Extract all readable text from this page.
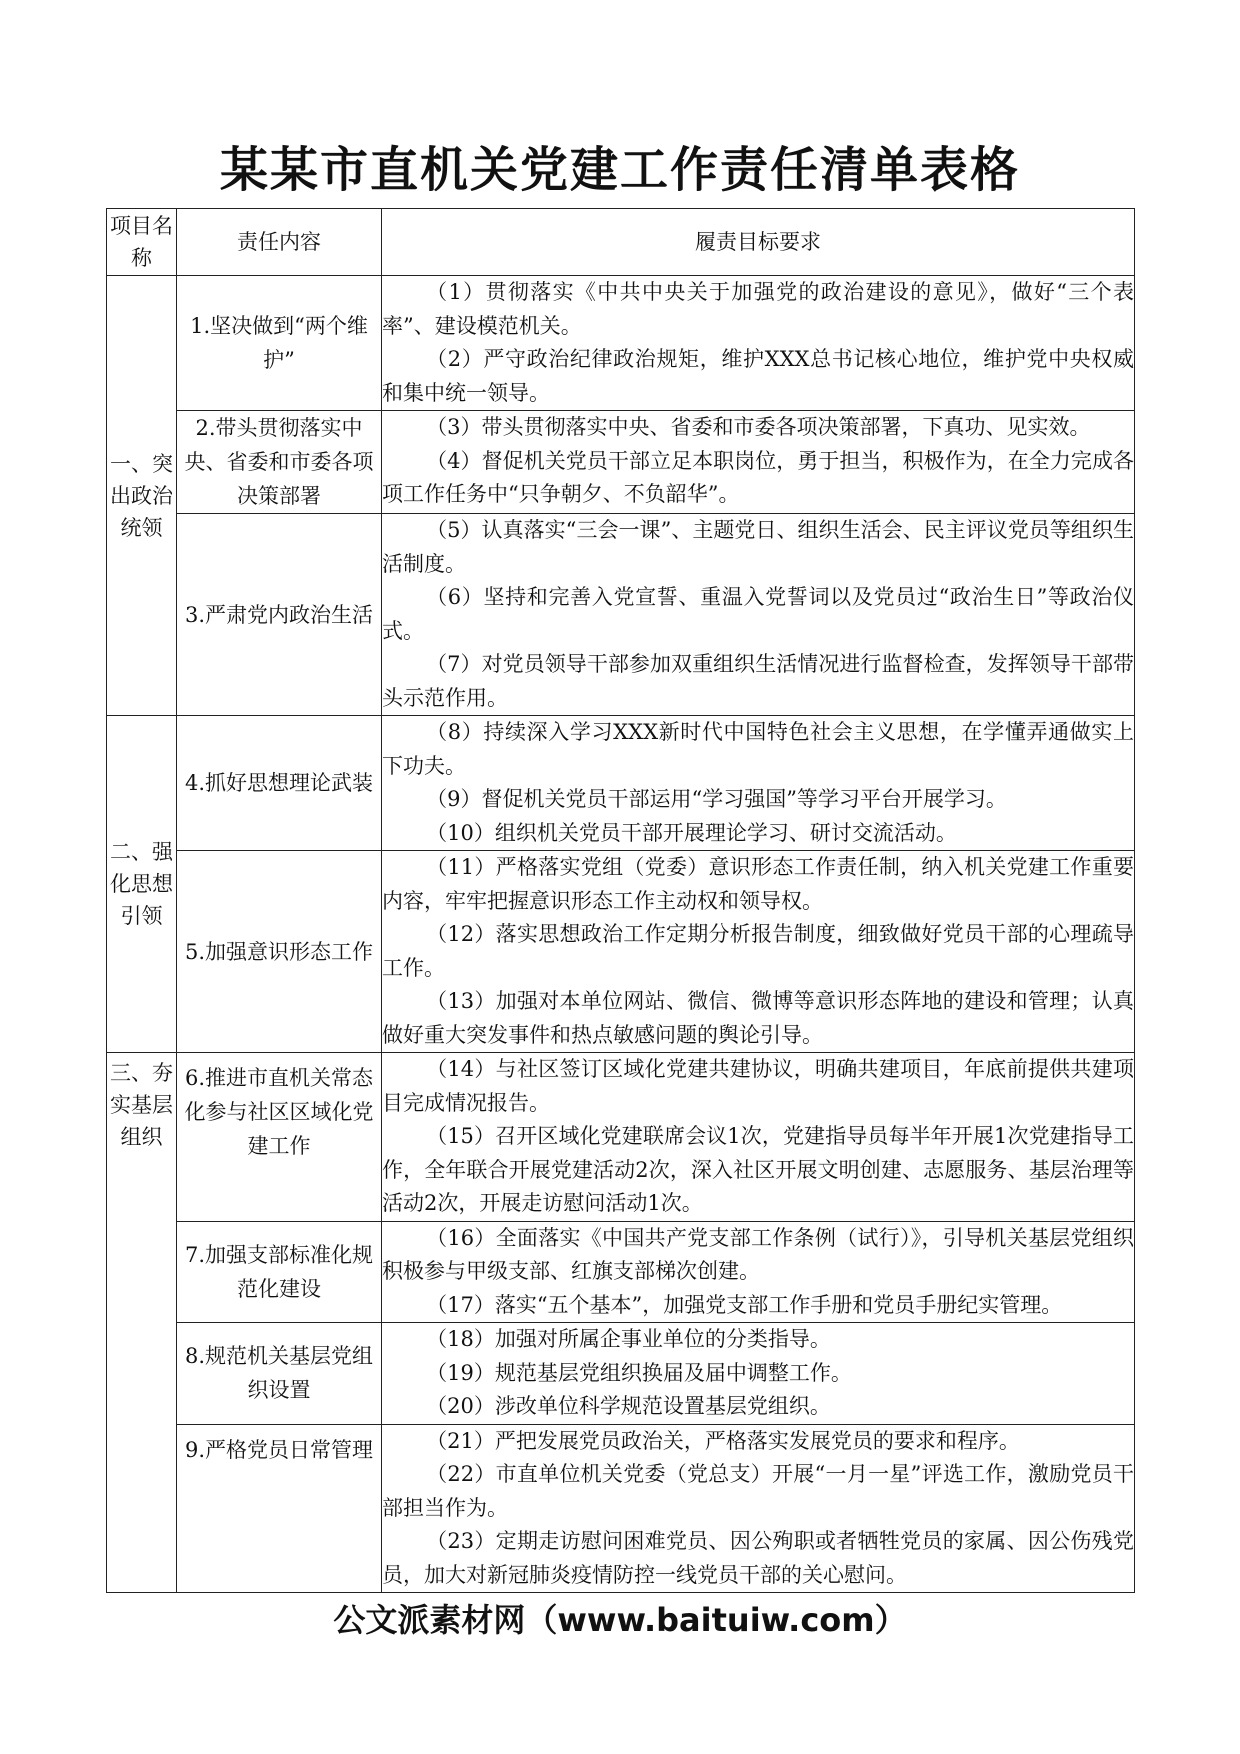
某某市直机关党建工作责任清单表格
项目名称	责任内容	履责目标要求
一、突出政治统领	1.坚决做到“两个维护”	（1）贯彻落实《中共中央关于加强党的政治建设的意见》，做好“三个表率”、建设模范机关。

（2）严守政治纪律政治规矩，维护XXX总书记核心地位，维护党中央权威和集中统一领导。

	2.带头贯彻落实中央、省委和市委各项决策部署	（3）带头贯彻落实中央、省委和市委各项决策部署，下真功、见实效。

（4）督促机关党员干部立足本职岗位，勇于担当，积极作为，在全力完成各项工作任务中“只争朝夕、不负韶华”。

	3.严肃党内政治生活	（5）认真落实“三会一课”、主题党日、组织生活会、民主评议党员等组织生活制度。

（6）坚持和完善入党宣誓、重温入党誓词以及党员过“政治生日”等政治仪式。

（7）对党员领导干部参加双重组织生活情况进行监督检查，发挥领导干部带头示范作用。

二、强化思想引领	4.抓好思想理论武装	（8）持续深入学习XXX新时代中国特色社会主义思想，在学懂弄通做实上下功夫。

（9）督促机关党员干部运用“学习强国”等学习平台开展学习。

（10）组织机关党员干部开展理论学习、研讨交流活动。

	5.加强意识形态工作	（11）严格落实党组（党委）意识形态工作责任制，纳入机关党建工作重要内容，牢牢把握意识形态工作主动权和领导权。

（12）落实思想政治工作定期分析报告制度，细致做好党员干部的心理疏导工作。

（13）加强对本单位网站、微信、微博等意识形态阵地的建设和管理；认真做好重大突发事件和热点敏感问题的舆论引导。

三、夯实基层组织	6.推进市直机关常态化参与社区区域化党建工作	（14）与社区签订区域化党建共建协议，明确共建项目，年底前提供共建项目完成情况报告。

（15）召开区域化党建联席会议1次，党建指导员每半年开展1次党建指导工作，全年联合开展党建活动2次，深入社区开展文明创建、志愿服务、基层治理等活动2次，开展走访慰问活动1次。

	7.加强支部标准化规范化建设	（16）全面落实《中国共产党支部工作条例（试行）》，引导机关基层党组织积极参与甲级支部、红旗支部梯次创建。

（17）落实“五个基本”，加强党支部工作手册和党员手册纪实管理。

	8.规范机关基层党组织设置	（18）加强对所属企事业单位的分类指导。

（19）规范基层党组织换届及届中调整工作。

（20）涉改单位科学规范设置基层党组织。

	9.严格党员日常管理	（21）严把发展党员政治关，严格落实发展党员的要求和程序。

（22）市直单位机关党委（党总支）开展“一月一星”评选工作，激励党员干部担当作为。

（23）定期走访慰问困难党员、因公殉职或者牺牲党员的家属、因公伤残党员，加大对新冠肺炎疫情防控一线党员干部的关心慰问。

公文派素材网（www.baituiw.com）
